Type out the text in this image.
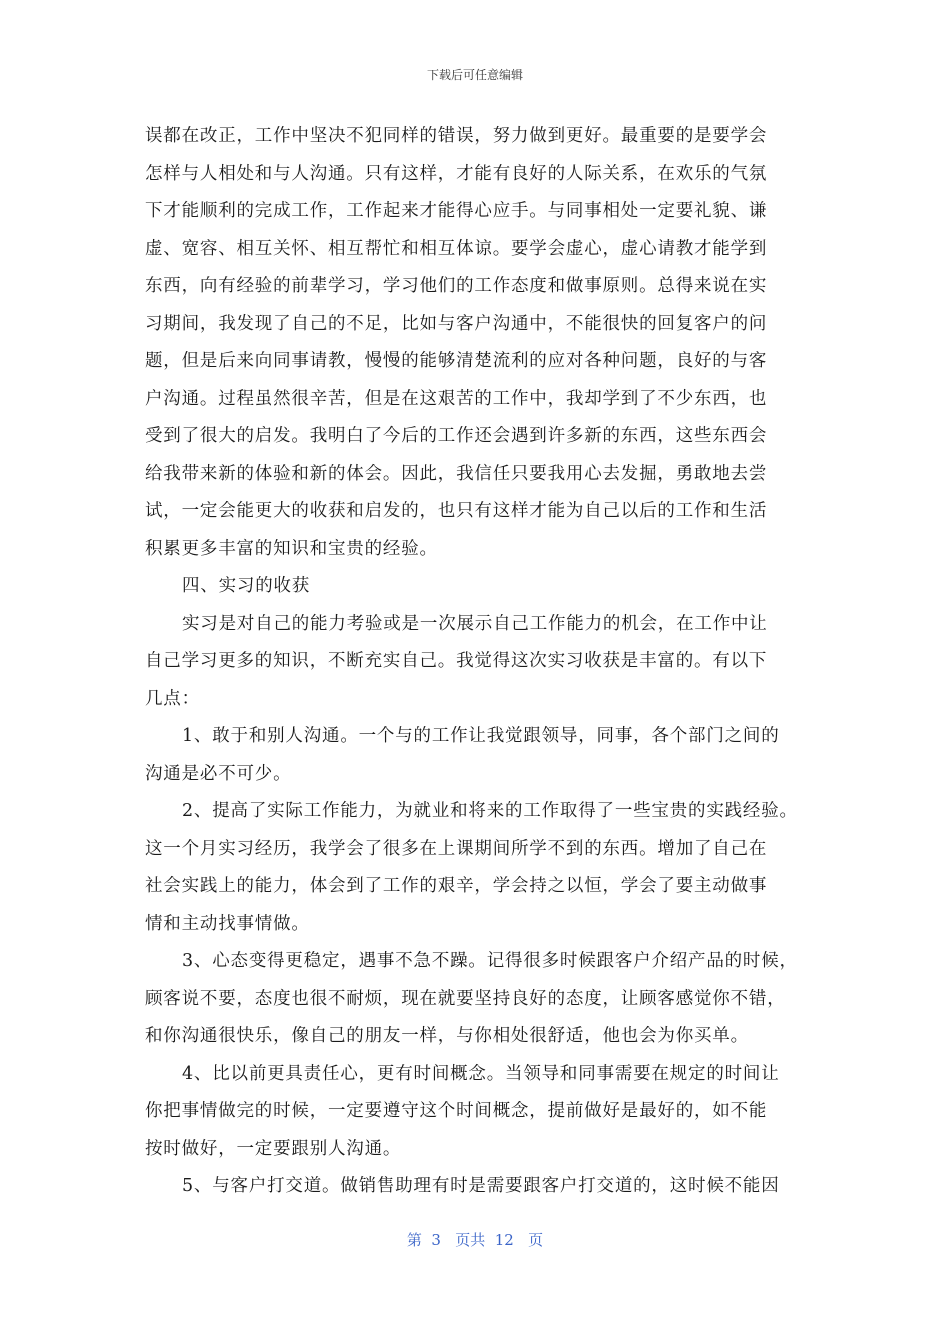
下载后可任意编辑
误都在改正，工作中坚决不犯同样的错误，努力做到更好。最重要的是要学会
怎样与人相处和与人沟通。只有这样，才能有良好的人际关系，在欢乐的气氛
下才能顺利的完成工作，工作起来才能得心应手。与同事相处一定要礼貌、谦
虚、宽容、相互关怀、相互帮忙和相互体谅。要学会虚心，虚心请教才能学到
东西，向有经验的前辈学习，学习他们的工作态度和做事原则。总得来说在实
习期间，我发现了自己的不足，比如与客户沟通中，不能很快的回复客户的问
题，但是后来向同事请教，慢慢的能够清楚流利的应对各种问题，良好的与客
户沟通。过程虽然很辛苦，但是在这艰苦的工作中，我却学到了不少东西，也
受到了很大的启发。我明白了今后的工作还会遇到许多新的东西，这些东西会
给我带来新的体验和新的体会。因此，我信任只要我用心去发掘，勇敢地去尝
试，一定会能更大的收获和启发的，也只有这样才能为自己以后的工作和生活
积累更多丰富的知识和宝贵的经验。
四、实习的收获
实习是对自己的能力考验或是一次展示自己工作能力的机会，在工作中让
自己学习更多的知识，不断充实自己。我觉得这次实习收获是丰富的。有以下
几点：
1、敢于和别人沟通。一个与的工作让我觉跟领导，同事，各个部门之间的
沟通是必不可少。
2、提高了实际工作能力，为就业和将来的工作取得了一些宝贵的实践经验。
这一个月实习经历，我学会了很多在上课期间所学不到的东西。增加了自己在
社会实践上的能力，体会到了工作的艰辛，学会持之以恒，学会了要主动做事
情和主动找事情做。
3、心态变得更稳定，遇事不急不躁。记得很多时候跟客户介绍产品的时候，
顾客说不要，态度也很不耐烦，现在就要坚持良好的态度，让顾客感觉你不错，
和你沟通很快乐，像自己的朋友一样，与你相处很舒适，他也会为你买单。
4、比以前更具责任心，更有时间概念。当领导和同事需要在规定的时间让
你把事情做完的时候，一定要遵守这个时间概念，提前做好是最好的，如不能
按时做好，一定要跟别人沟通。
5、与客户打交道。做销售助理有时是需要跟客户打交道的，这时候不能因
第  3   页共  12   页
